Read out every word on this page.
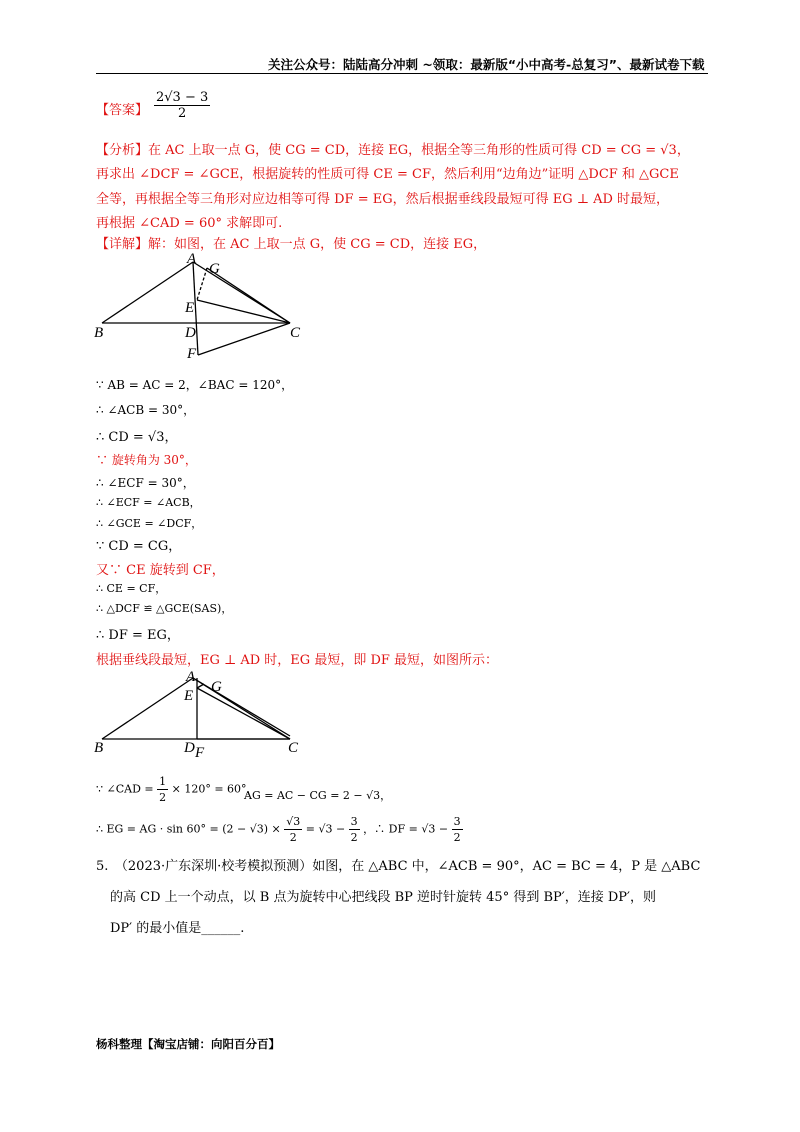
关注公众号：陆陆高分冲刺 ~领取：最新版“小中高考-总复习”、最新试卷下载
【答案】 $\frac{2√3 - 3}{2}$
【分析】在 AC 上取一点 G，使 CG = CD，连接 EG，根据全等三角形的性质可得 CD = CG = √3，
再求出 ∠DCF = ∠GCE，根据旋转的性质可得 CE = CF，然后利用“边角边”证明 △DCF 和 △GCE
全等，再根据全等三角形对应边相等可得 DF = EG，然后根据垂线段最短可得 EG ⊥ AD 时最短，
再根据 ∠CAD = 60° 求解即可.
【详解】解：如图，在 AC 上取一点 G，使 CG = CD，连接 EG，
A
G
E
B	D	C
F
∵ AB = AC = 2，∠BAC = 120°，
∴ ∠ACB = 30°，
∴ CD = √3，
∵ 旋转角为 30°，
∴ ∠ECF = 30°，
∴ ∠ECF = ∠ACB，
∴ ∠GCE = ∠DCF，
∵ CD = CG，
又∵ CE 旋转到 CF，
∴ CE = CF，
∴ △DCF ≌ △GCE(SAS)，
∴ DF = EG，
根据垂线段最短，EG ⊥ AD 时，EG 最短，即 DF 最短，如图所示：
A
G
E
B	D F	C
∵ ∠CAD = $\frac{1}{2} \times 120^\circ = 60^\circ$，
AG = AC − CG = 2 − √3，
∴ EG = AG · $\sin 60^\circ = (2 - √3) \times \frac{√3}{2} = √3 - \frac{3}{2}$ ，∴ DF = $√3 - \frac{3}{2}$
5.　（2023·广东深圳·校考模拟预测）如图，在 △ABC 中，∠ACB = 90°，AC = BC = 4，P 是 △ABC
的高 CD 上一个动点，以 B 点为旋转中心把线段 BP 逆时针旋转 45° 得到 BP′，连接 DP′，则
DP′ 的最小值是______.
杨科整理【淘宝店铺：向阳百分百】
